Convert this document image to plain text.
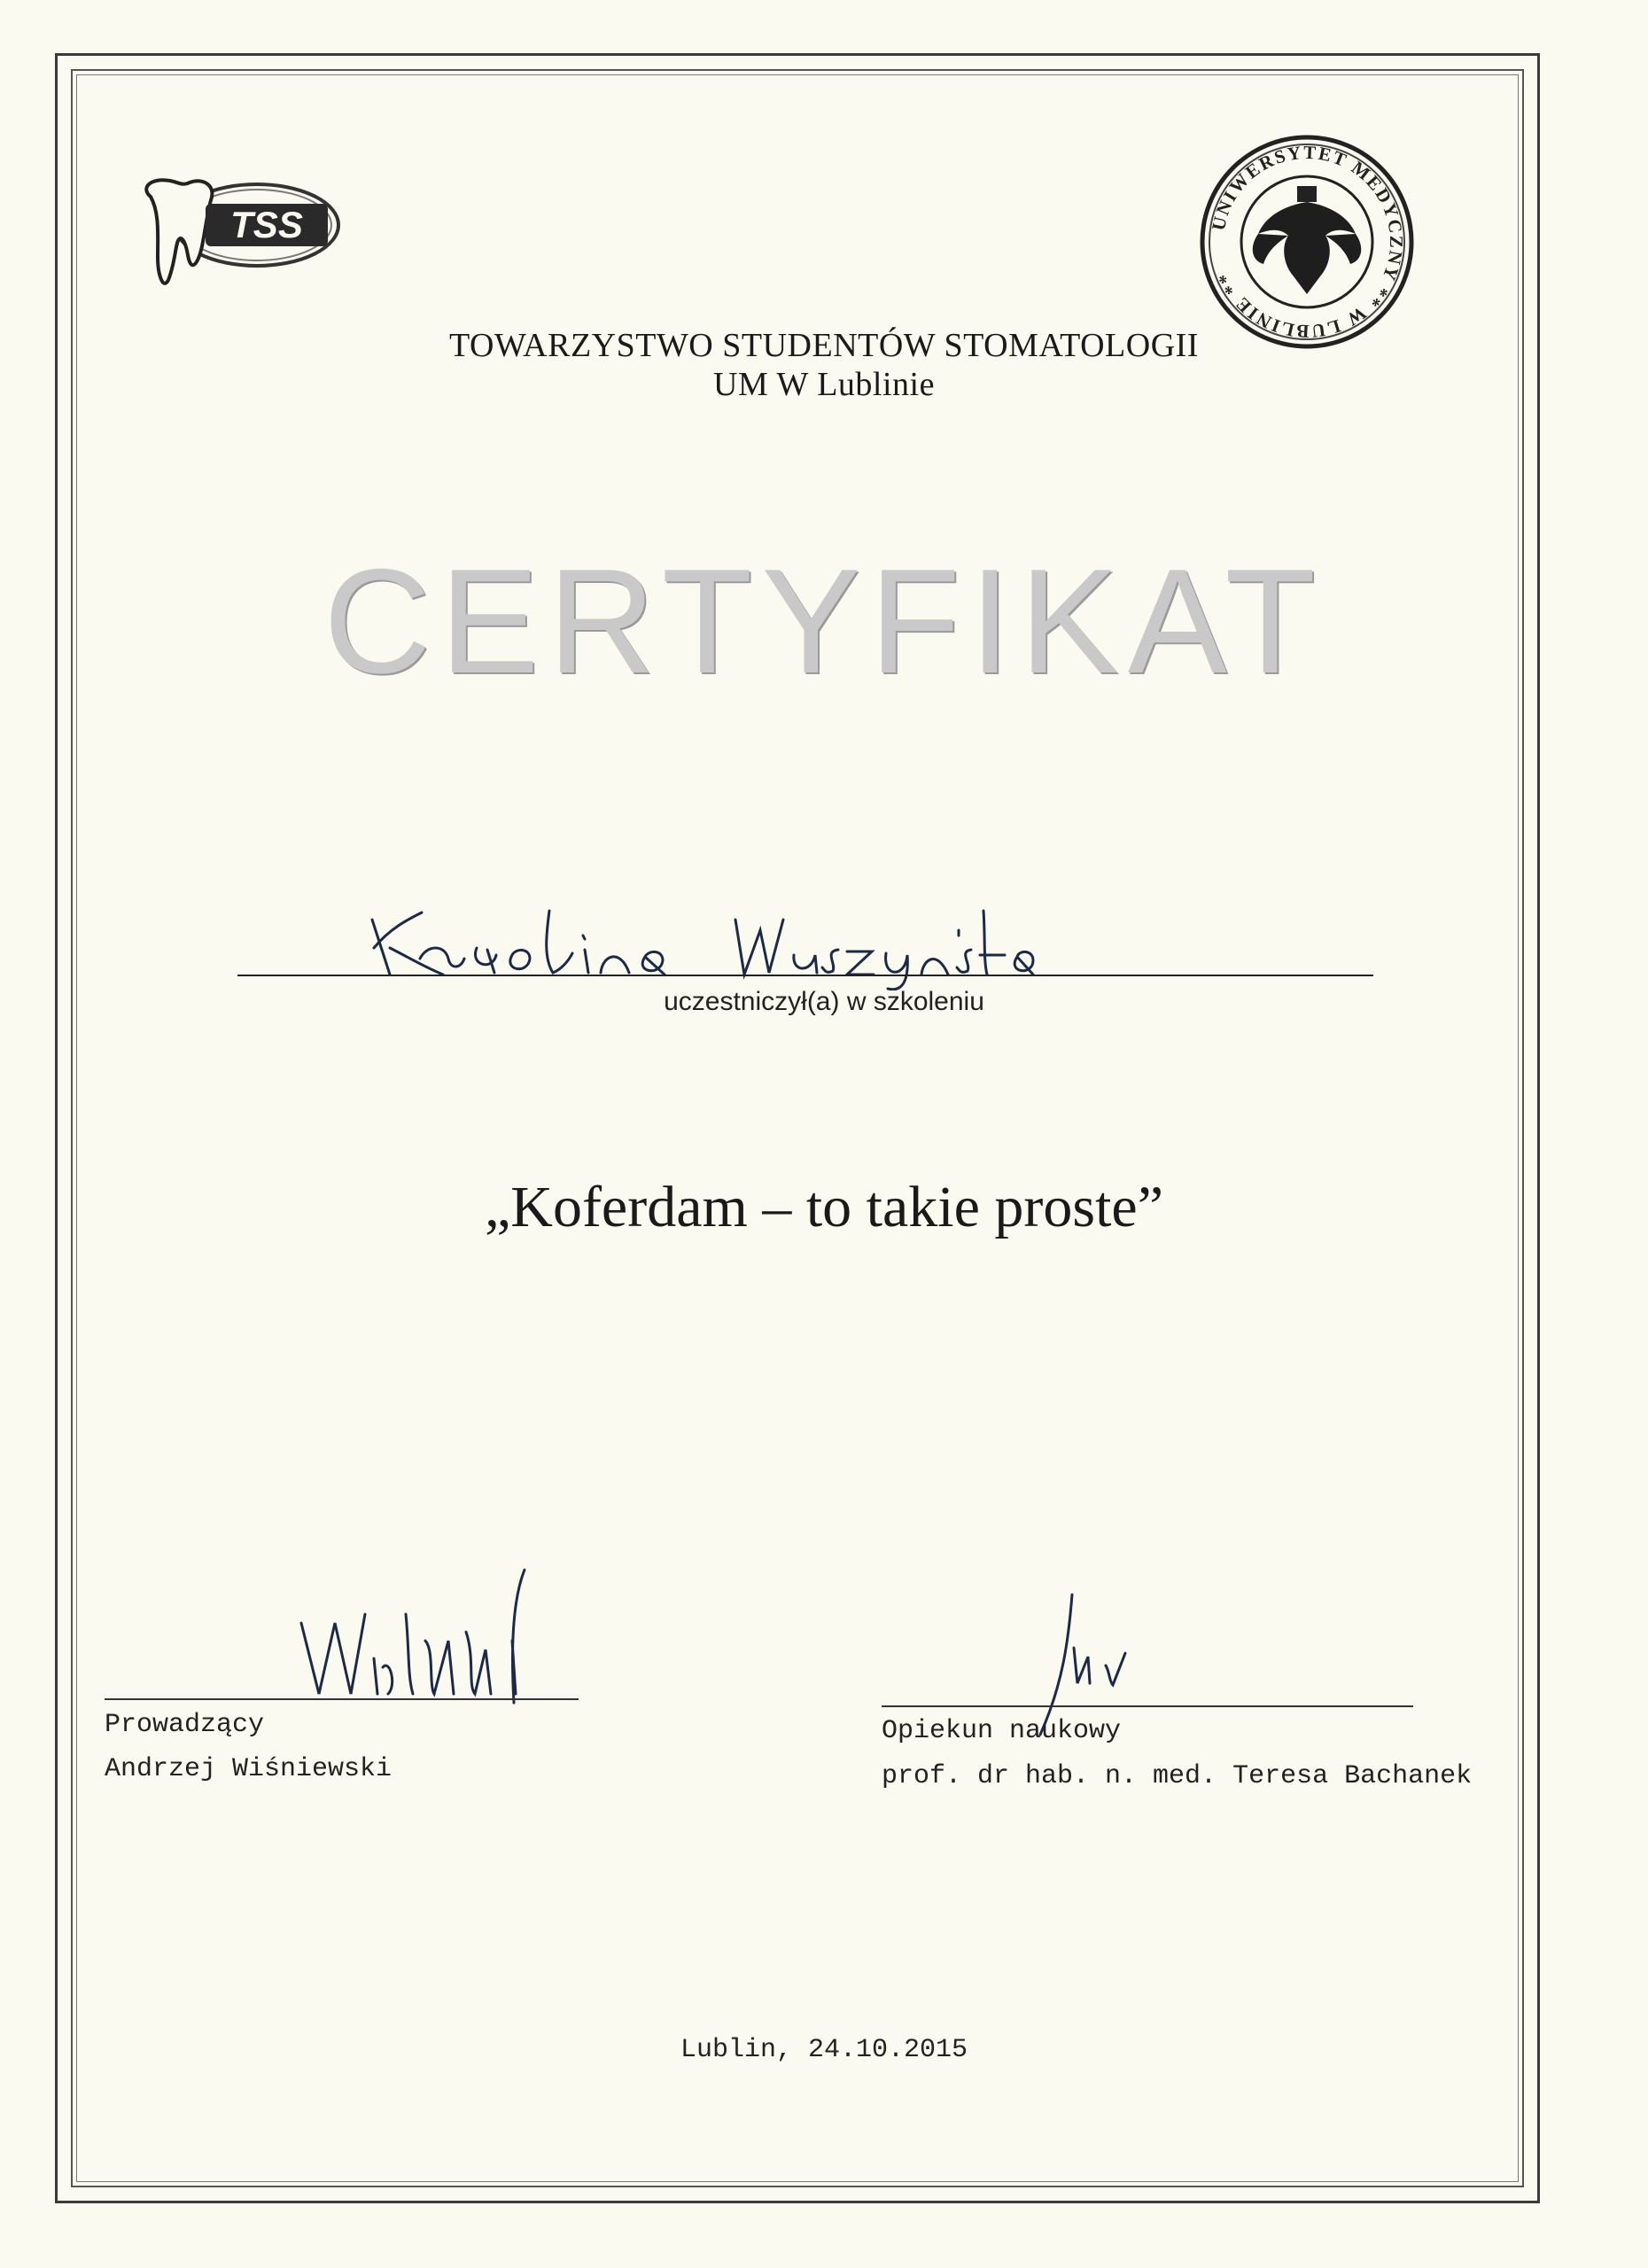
TSS	UNIWERSYTET MEDYCZNY ** W LUBLINIE **
TOWARZYSTWO STUDENTÓW STOMATOLOGII
UM W Lublinie
CERTYFIKAT
Karolina Muszyńska
uczestniczył(a) w szkoleniu
„Koferdam – to takie proste”
Prowadzący
Andrzej Wiśniewski
Opiekun naukowy
prof. dr hab. n. med. Teresa Bachanek
Lublin, 24.10.2015
